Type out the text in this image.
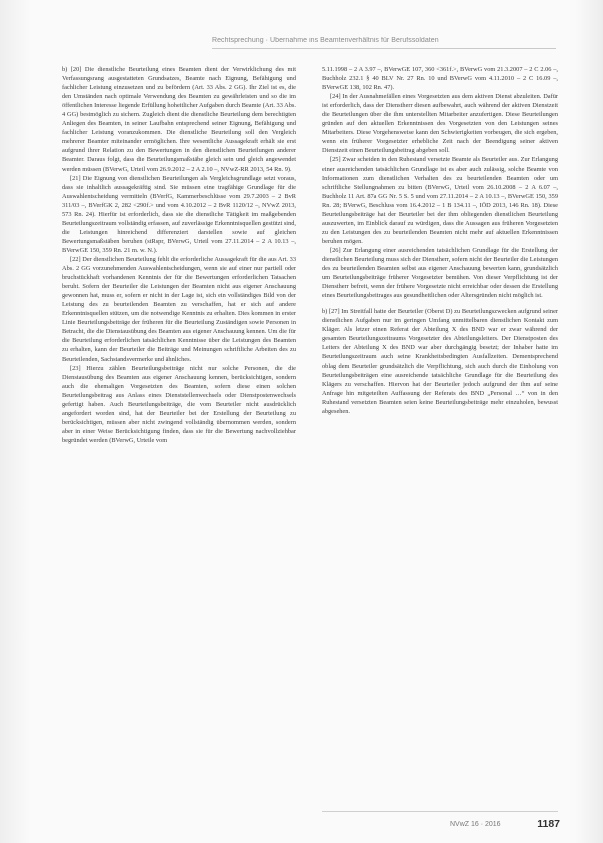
Rechtsprechung · Übernahme ins Beamtenverhältnis für Berufssoldaten

b) [20] Die dienstliche Beurteilung eines Beamten dient der Verwirklichung des mit Verfassungsrang ausgestatteten Grundsatzes, Beamte nach Eignung, Befähigung und fachlicher Leistung einzusetzen und zu befördern (Art. 33 Abs. 2 GG). Ihr Ziel ist es, die den Umständen nach optimale Verwendung des Beamten zu gewährleisten und so die im öffentlichen Interesse liegende Erfüllung hoheitlicher Aufgaben durch Beamte (Art. 33 Abs. 4 GG) bestmöglich zu sichern. Zugleich dient die dienstliche Beurteilung dem berechtigten Anliegen des Beamten, in seiner Laufbahn entsprechend seiner Eignung, Befähigung und fachlicher Leistung voranzukommen. Die dienstliche Beurteilung soll den Vergleich mehrerer Beamter miteinander ermöglichen. Ihre wesentliche Aussagekraft erhält sie erst aufgrund ihrer Relation zu den Bewertungen in den dienstlichen Beurteilungen anderer Beamter. Daraus folgt, dass die Beurteilungsmaßstäbe gleich sein und gleich angewendet werden müssen (BVerwG, Urteil vom 26.9.2012 – 2 A 2.10 –, NVwZ-RR 2013, 54 Rn. 9).

[21] Die Eignung von dienstlichen Beurteilungen als Vergleichsgrundlage setzt voraus, dass sie inhaltlich aussagekräftig sind. Sie müssen eine tragfähige Grundlage für die Auswahlentscheidung vermitteln (BVerfG, Kammerbeschlüsse vom 29.7.2003 – 2 BvR 311/03 –, BVerfGK 2, 282 <290f.> und vom 4.10.2012 – 2 BvR 1120/12 –, NVwZ 2013, 573 Rn. 24). Hierfür ist erforderlich, dass sie die dienstliche Tätigkeit im maßgebenden Beurteilungszeitraum vollständig erfassen, auf zuverlässige Erkenntnisquellen gestützt sind, die Leistungen hinreichend differenziert darstellen sowie auf gleichen Bewertungsmaßstäben beruhen (stRspr, BVerwG, Urteil vom 27.11.2014 – 2 A 10.13 –, BVerwGE 150, 359 Rn. 21 m. w. N.).

[22] Der dienstlichen Beurteilung fehlt die erforderliche Aussagekraft für die aus Art. 33 Abs. 2 GG vorzunehmenden Auswahlentscheidungen, wenn sie auf einer nur partiell oder bruchstückhaft vorhandenen Kenntnis der für die Bewertungen erforderlichen Tatsachen beruht. Sofern der Beurteiler die Leistungen der Beamten nicht aus eigener Anschauung gewonnen hat, muss er, sofern er nicht in der Lage ist, sich ein vollständiges Bild von der Leistung des zu beurteilenden Beamten zu verschaffen, hat er sich auf andere Erkenntnisquellen stützen, um die notwendige Kenntnis zu erhalten. Dies kommen in erster Linie Beurteilungsbeiträge der früheren für die Beurteilung Zuständigen sowie Personen in Betracht, die die Dienstausübung des Beamten aus eigener Anschauung kennen. Um die für die Beurteilung erforderlichen tatsächlichen Kenntnisse über die Leistungen des Beamten zu erhalten, kann der Beurteiler die Beiträge und Meinungen schriftliche Arbeiten des zu Beurteilenden, Sachstandsvermerke und ähnliches.

[23] Hierzu zählen Beurteilungsbeiträge nicht nur solche Personen, die die Dienstausübung des Beamten aus eigener Anschauung kennen, berücksichtigen, sondern auch die ehemaligen Vorgesetzten des Beamten, sofern diese einen solchen Beurteilungsbeitrag aus Anlass eines Dienststellenwechsels oder Dienstpostenwechsels gefertigt haben. Auch Beurteilungsbeiträge, die vom Beurteiler nicht ausdrücklich angefordert worden sind, hat der Beurteiler bei der Erstellung der Beurteilung zu berücksichtigen, müssen aber nicht zwingend vollständig übernommen werden, sondern aber in einer Weise Berücksichtigung finden, dass sie für die Bewertung nachvollziehbar begründet werden (BVerwG, Urteile vom

5.11.1998 – 2 A 3.97 –, BVerwGE 107, 360 <361f.>, BVerwG vom 21.3.2007 – 2 C 2.06 –, Buchholz 232.1 § 40 BLV Nr. 27 Rn. 10 und BVerwG vom 4.11.2010 – 2 C 16.09 –, BVerwGE 138, 102 Rn. 47).

[24] In der Ausnahmefällen eines Vorgesetzten aus dem aktiven Dienst abzuleiten. Dafür ist erforderlich, dass der Dienstherr diesen aufbewahrt, auch während der aktiven Dienstzeit die Beurteilungen über die ihm unterstellten Mitarbeiter anzufertigen. Diese Beurteilungen gründen auf den aktuellen Erkenntnissen des Vorgesetzten von den Leistungen seines Mitarbeiters. Diese Vorgehensweise kann den Schwierigkeiten vorbeugen, die sich ergeben, wenn ein früherer Vorgesetzter erhebliche Zeit nach der Beendigung seiner aktiven Dienstzeit einen Beurteilungsbeitrag abgeben soll.

[25] Zwar scheiden in den Ruhestand versetzte Beamte als Beurteiler aus. Zur Erlangung einer ausreichenden tatsächlichen Grundlage ist es aber auch zulässig, solche Beamte von Informationen zum dienstlichen Verhalten des zu beurteilenden Beamten oder um schriftliche Stellungnahmen zu bitten (BVerwG, Urteil vom 26.10.2008 – 2 A 6.07 –, Buchholz 11 Art. 87a GG Nr. 5 S. 5 und vom 27.11.2014 – 2 A 10.13 –, BVerwGE 150, 359 Rn. 28; BVerwG, Beschluss vom 16.4.2012 – 1 B 134.11 –, IÖD 2013, 146 Rn. 18). Diese Beurteilungsbeiträge hat der Beurteiler bei der ihm obliegenden dienstlichen Beurteilung auszuwerten, im Einblick darauf zu würdigen, dass die Aussagen aus früheren Vorgesetzten zu den Leistungen des zu beurteilenden Beamten nicht mehr auf aktuellen Erkenntnissen beruhen mögen.

[26] Zur Erlangung einer ausreichenden tatsächlichen Grundlage für die Erstellung der dienstlichen Beurteilung muss sich der Dienstherr, sofern nicht der Beurteiler die Leistungen des zu beurteilenden Beamten selbst aus eigener Anschauung bewerten kann, grundsätzlich um Beurteilungsbeiträge früherer Vorgesetzter bemühen. Von dieser Verpflichtung ist der Dienstherr befreit, wenn der frühere Vorgesetzte nicht erreichbar oder dessen die Erstellung eines Beurteilungsbeitrages aus gesundheitlichen oder Altersgründen nicht möglich ist.

b) [27] Im Streitfall hatte der Beurteiler (Oberst D) zu Beurteilungszwecken aufgrund seiner dienstlichen Aufgaben nur im geringen Umfang unmittelbaren dienstlichen Kontakt zum Kläger. Als letzer einen Referat der Abteilung X des BND war er zwar während der gesamten Beurteilungszeitraums Vorgesetzter des Abteilungsleiters. Der Dienstposten des Leiters der Abteilung X des BND war aber durchgängig besetzt; der Inhaber hatte im Beurteilungszeitraum auch seine Krankheitsbedingten Ausfallzeiten. Dementsprechend oblag dem Beurteiler grundsätzlich die Verpflichtung, sich auch durch die Einholung von Beurteilungsbeiträgen eine ausreichende tatsächliche Grundlage für die Beurteilung des Klägers zu verschaffen. Hiervon hat der Beurteiler jedoch aufgrund der ihm auf seine Anfrage hin mitgeteilten Auffassung der Referats des BND „Personal …“ von in den Ruhestand versetzten Beamten seien keine Beurteilungsbeiträge mehr einzuholen, bewusst abgesehen.

NVwZ 16 · 2016	1187
